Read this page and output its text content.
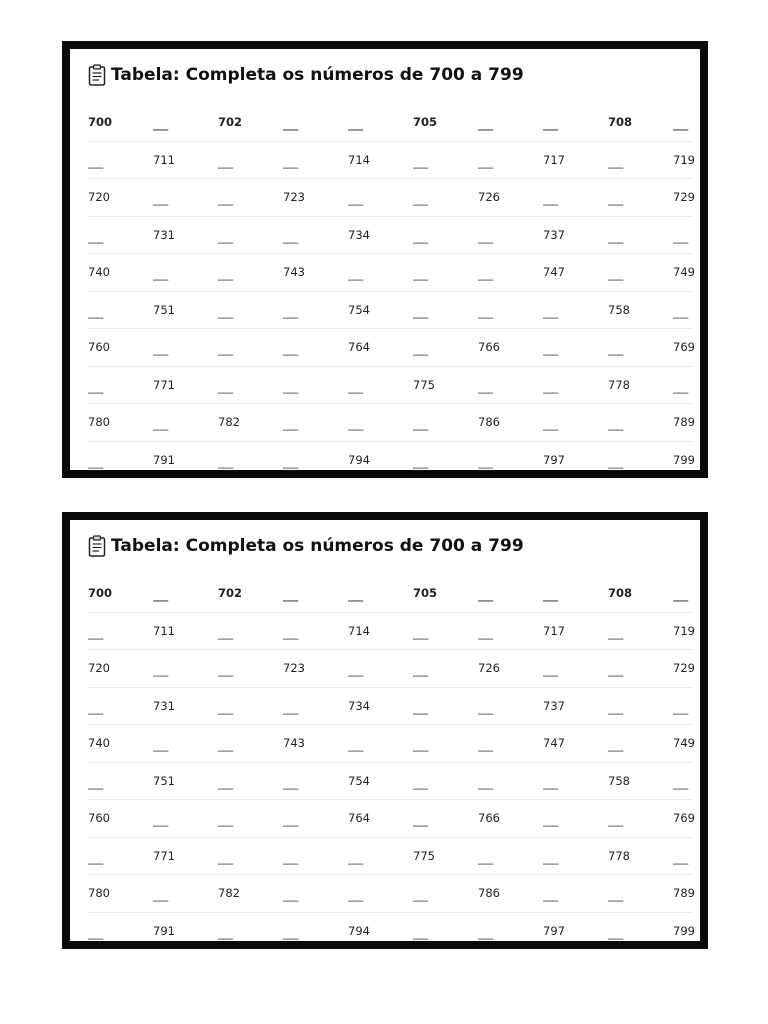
Tabela: Completa os números de 700 a 799
700	___	702	___	___	705	___	___	708	___
___	711	___	___	714	___	___	717	___	719
720	___	___	723	___	___	726	___	___	729
___	731	___	___	734	___	___	737	___	___
740	___	___	743	___	___	___	747	___	749
___	751	___	___	754	___	___	___	758	___
760	___	___	___	764	___	766	___	___	769
___	771	___	___	___	775	___	___	778	___
780	___	782	___	___	___	786	___	___	789
___	791	___	___	794	___	___	797	___	799
Tabela: Completa os números de 700 a 799
700	___	702	___	___	705	___	___	708	___
___	711	___	___	714	___	___	717	___	719
720	___	___	723	___	___	726	___	___	729
___	731	___	___	734	___	___	737	___	___
740	___	___	743	___	___	___	747	___	749
___	751	___	___	754	___	___	___	758	___
760	___	___	___	764	___	766	___	___	769
___	771	___	___	___	775	___	___	778	___
780	___	782	___	___	___	786	___	___	789
___	791	___	___	794	___	___	797	___	799
